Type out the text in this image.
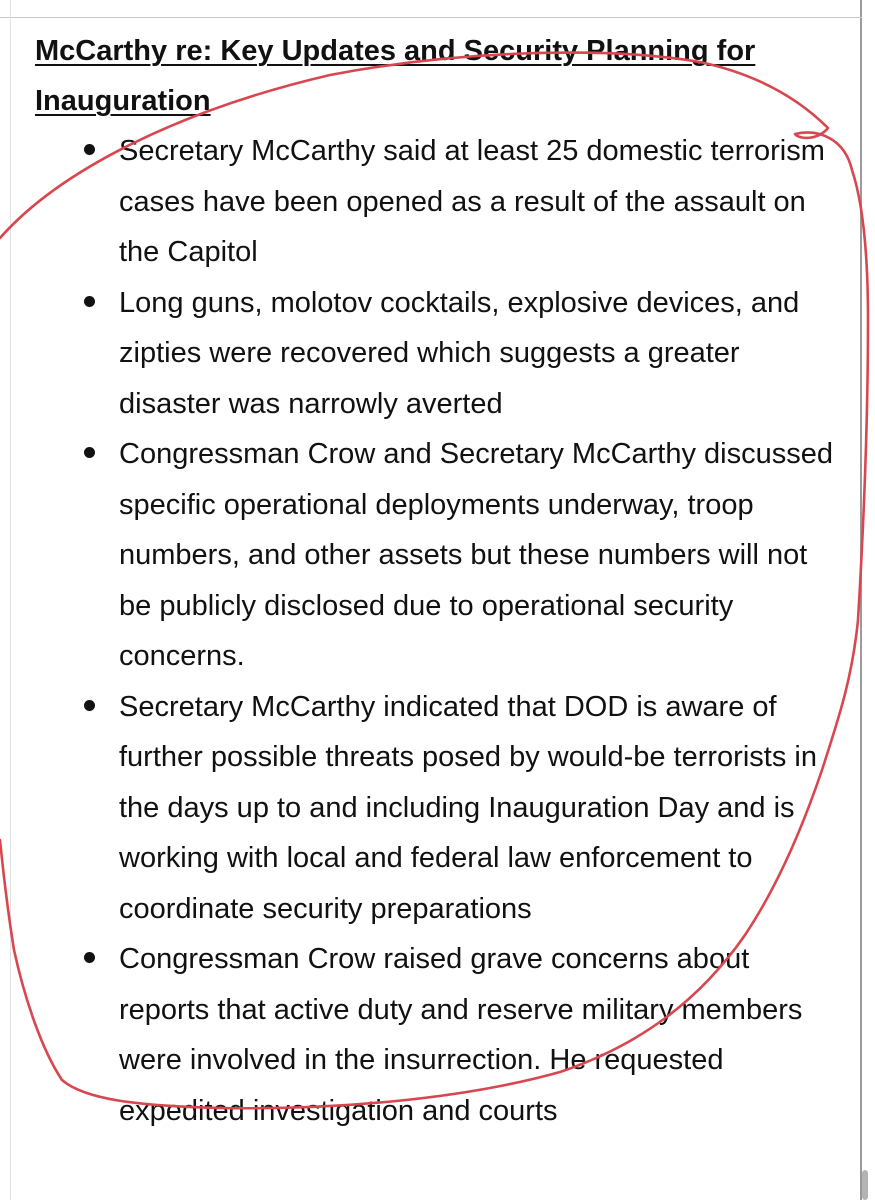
McCarthy re: Key Updates and Security Planning for Inauguration

Secretary McCarthy said at least 25 domestic terrorism cases have been opened as a result of the assault on the Capitol
Long guns, molotov cocktails, explosive devices, and zipties were recovered which suggests a greater disaster was narrowly averted
Congressman Crow and Secretary McCarthy discussed specific operational deployments underway, troop numbers, and other assets but these numbers will not be publicly disclosed due to operational security concerns.
Secretary McCarthy indicated that DOD is aware of further possible threats posed by would-be terrorists in the days up to and including Inauguration Day and is working with local and federal law enforcement to coordinate security preparations
Congressman Crow raised grave concerns about reports that active duty and reserve military members were involved in the insurrection. He requested expedited investigation and courts
